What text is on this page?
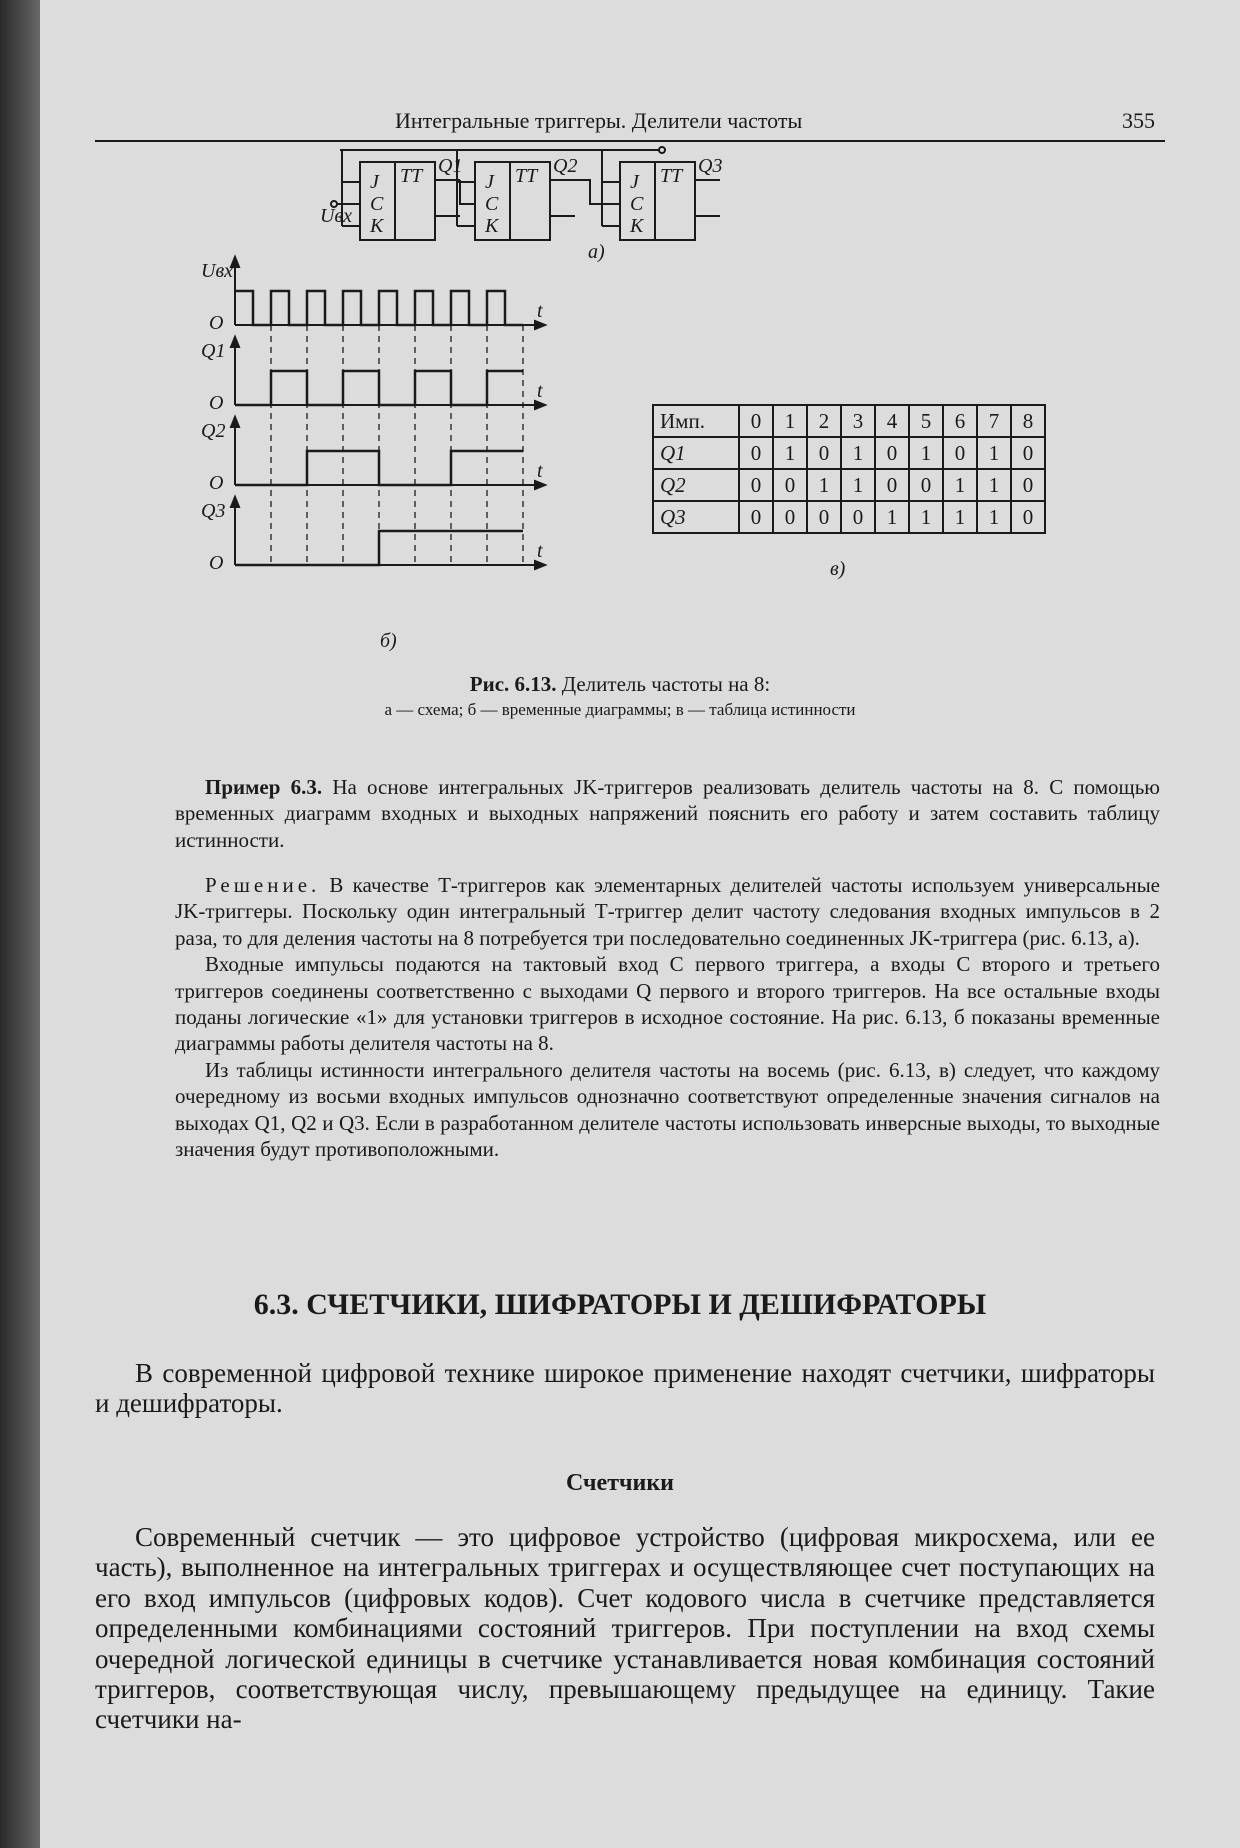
Интегральные триггеры. Делители частоты	355
TT
J
C
K
Q1	TT
J
C
K
Q2	TT
J
C
K
Q3
Uвх
а)
t
O
Uвх
t
O
Q1
t
O
Q2
t
O
Q3
б)
Имп.	0	1	2	3	4	5	6	7	8
Q1	0	1	0	1	0	1	0	1	0
Q2	0	0	1	1	0	0	1	1	0
Q3	0	0	0	0	1	1	1	1	0
в)
Рис. 6.13. Делитель частоты на 8:
а — схема; б — временные диаграммы; в — таблица истинности

Пример 6.3. На основе интегральных JK-триггеров реализовать делитель частоты на 8. С помощью временных диаграмм входных и выходных напряжений пояснить его работу и затем составить таблицу истинности.

Решение. В качестве Т-триггеров как элементарных делителей частоты используем универсальные JK-триггеры. Поскольку один интегральный Т-триггер делит частоту следования входных импульсов в 2 раза, то для деления частоты на 8 потребуется три последовательно соединенных JK-триггера (рис. 6.13, а).

Входные импульсы подаются на тактовый вход С первого триггера, а входы С второго и третьего триггеров соединены соответственно с выходами Q первого и второго триггеров. На все остальные входы поданы логические «1» для установки триггеров в исходное состояние. На рис. 6.13, б показаны временные диаграммы работы делителя частоты на 8.

Из таблицы истинности интегрального делителя частоты на восемь (рис. 6.13, в) следует, что каждому очередному из восьми входных импульсов однозначно соответствуют определенные значения сигналов на выходах Q1, Q2 и Q3. Если в разработанном делителе частоты использовать инверсные выходы, то выходные значения будут противоположными.

6.3. СЧЕТЧИКИ, ШИФРАТОРЫ И ДЕШИФРАТОРЫ

В современной цифровой технике широкое применение находят счетчики, шифраторы и дешифраторы.

Счетчики

Современный счетчик — это цифровое устройство (цифровая микросхема, или ее часть), выполненное на интегральных триггерах и осуществляющее счет поступающих на его вход импульсов (цифровых кодов). Счет кодового числа в счетчике представляется определенными комбинациями состояний триггеров. При поступлении на вход схемы очередной логической единицы в счетчике устанавливается новая комбинация состояний триггеров, соответствующая числу, превышающему предыдущее на единицу. Такие счетчики на-
